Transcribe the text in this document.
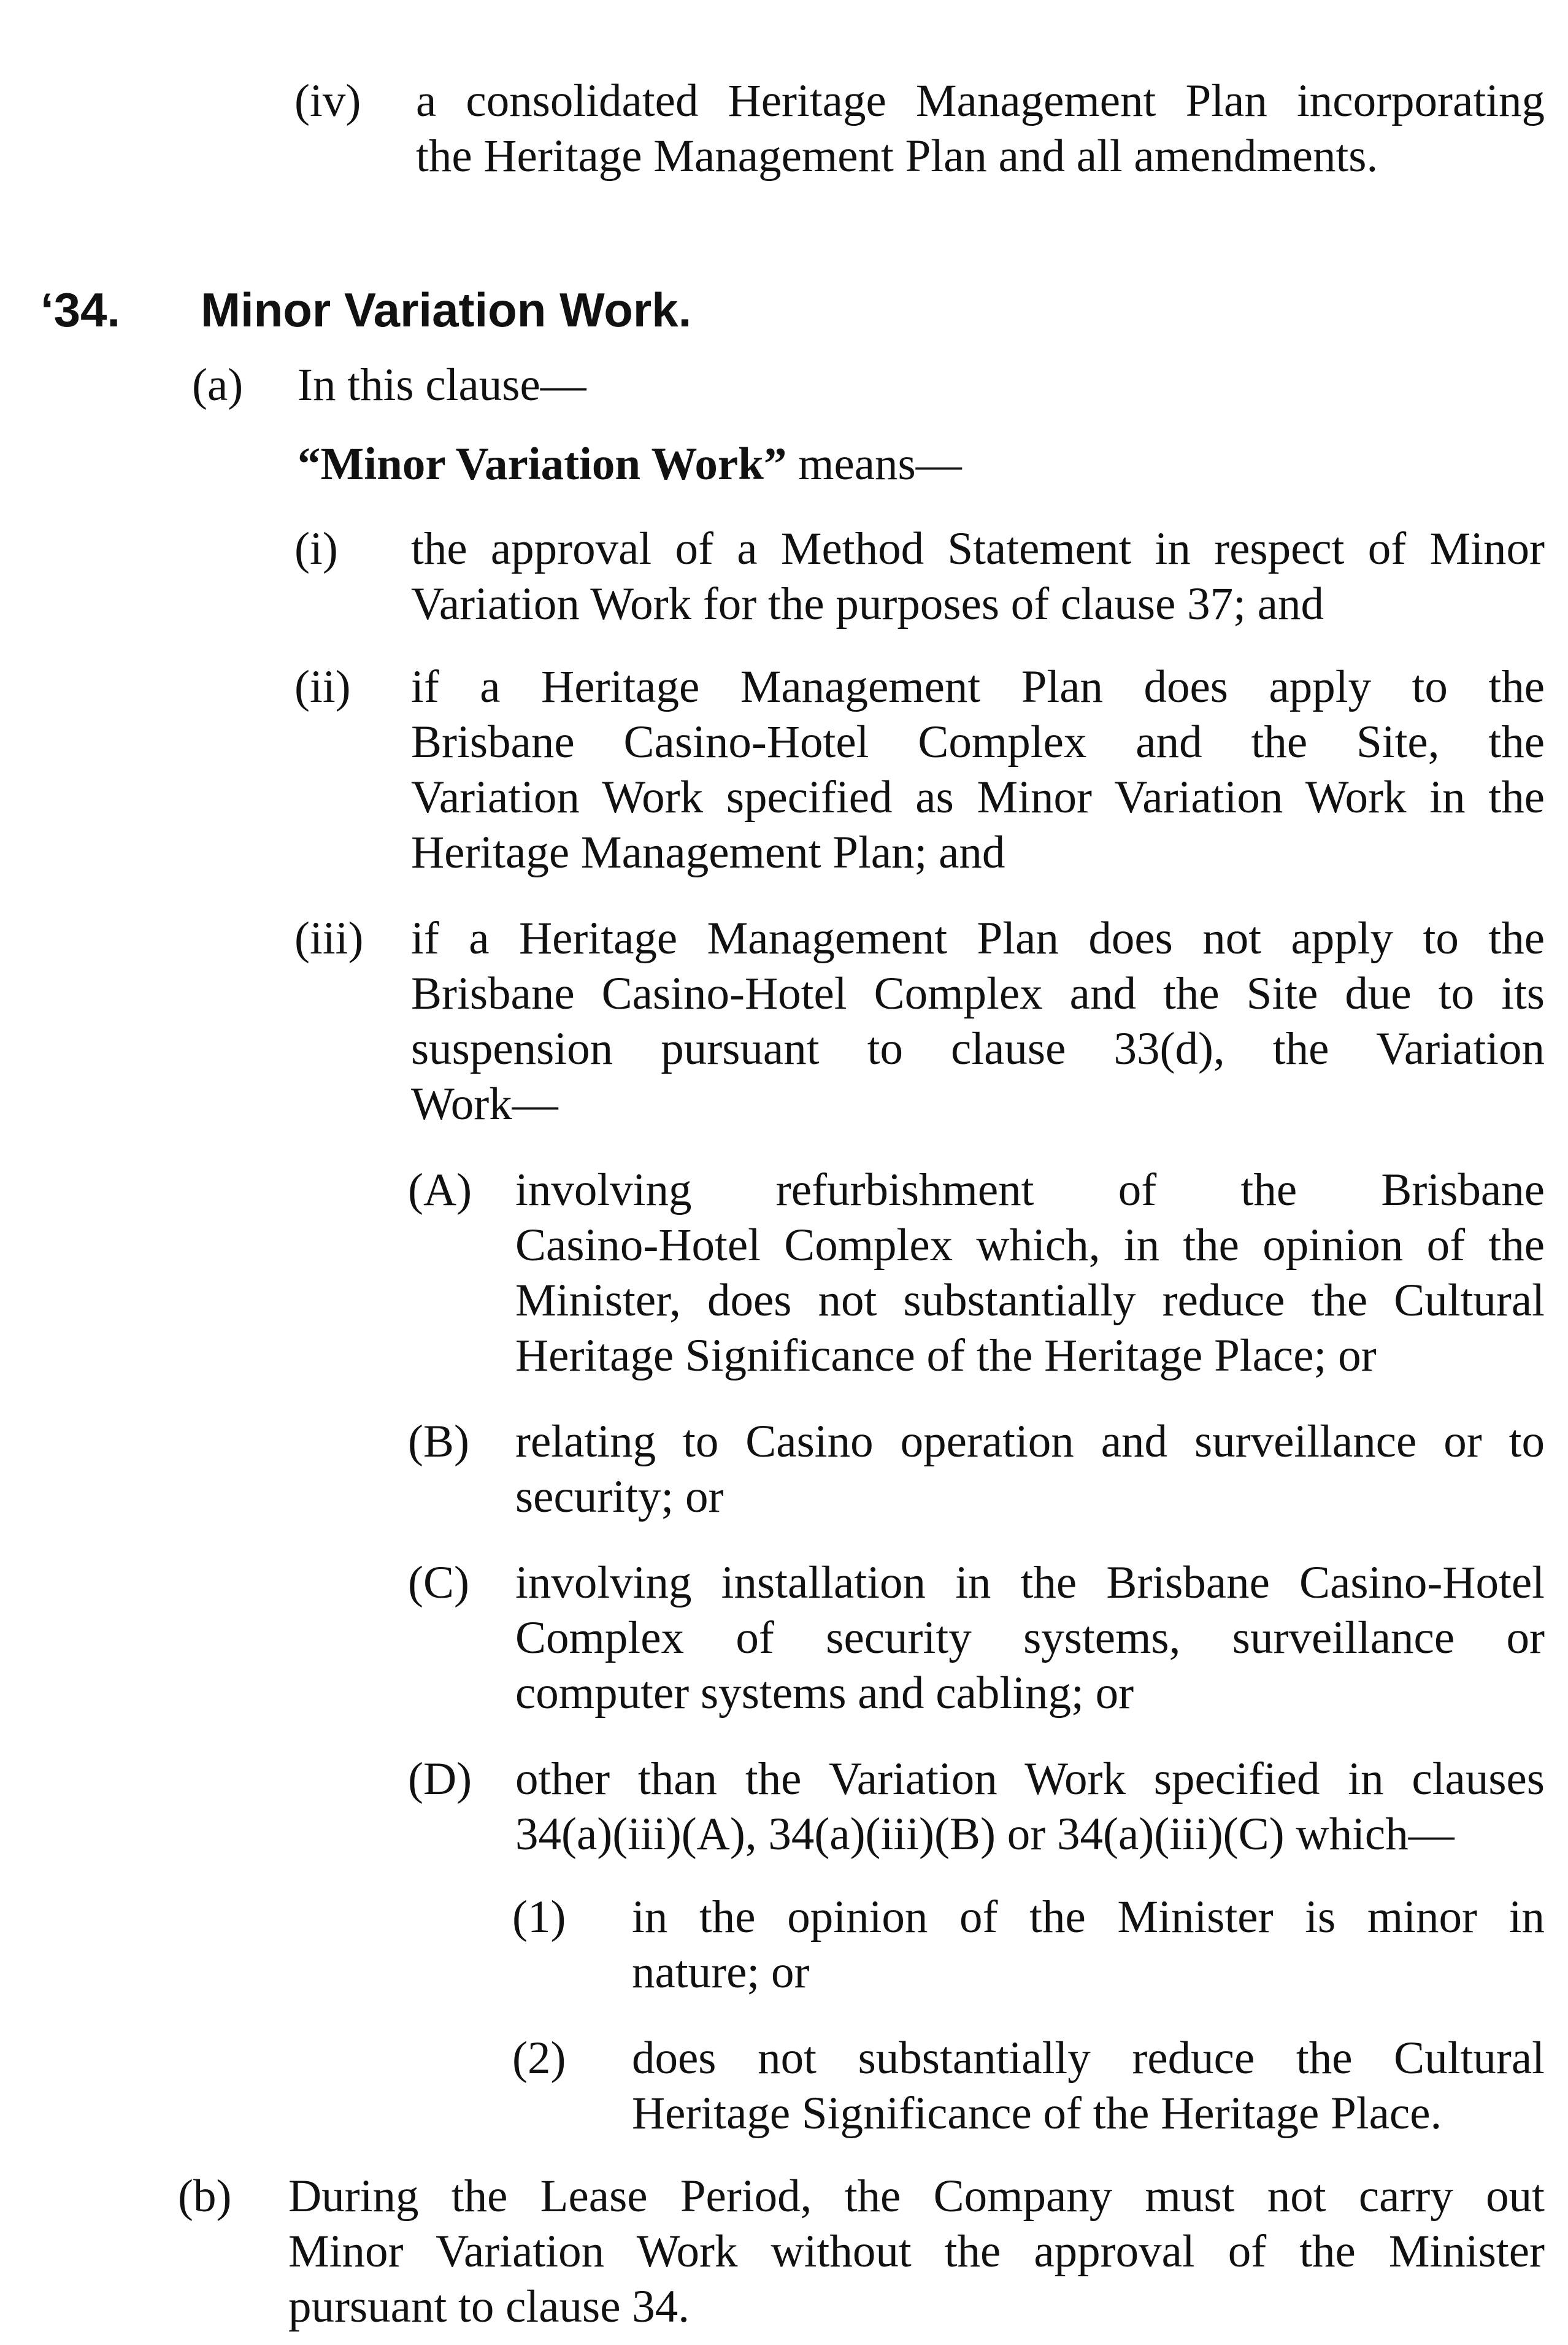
(iv) a consolidated Heritage Management Plan incorporating

the Heritage Management Plan and all amendments.

‘34. Minor Variation Work.
(a) In this clause—

“Minor Variation Work” means—

(i) the approval of a Method Statement in respect of Minor

Variation Work for the purposes of clause 37; and

(ii) if a Heritage Management Plan does apply to the

Brisbane Casino-Hotel Complex and the Site, the

Variation Work specified as Minor Variation Work in the

Heritage Management Plan; and

(iii) if a Heritage Management Plan does not apply to the

Brisbane Casino-Hotel Complex and the Site due to its

suspension pursuant to clause 33(d), the Variation

Work—

(A) involving refurbishment of the Brisbane

Casino-Hotel Complex which, in the opinion of the

Minister, does not substantially reduce the Cultural

Heritage Significance of the Heritage Place; or

(B) relating to Casino operation and surveillance or to

security; or

(C) involving installation in the Brisbane Casino-Hotel

Complex of security systems, surveillance or

computer systems and cabling; or

(D) other than the Variation Work specified in clauses

34(a)(iii)(A), 34(a)(iii)(B) or 34(a)(iii)(C) which—

(1) in the opinion of the Minister is minor in

nature; or

(2) does not substantially reduce the Cultural

Heritage Significance of the Heritage Place.

(b) During the Lease Period, the Company must not carry out

Minor Variation Work without the approval of the Minister

pursuant to clause 34.
